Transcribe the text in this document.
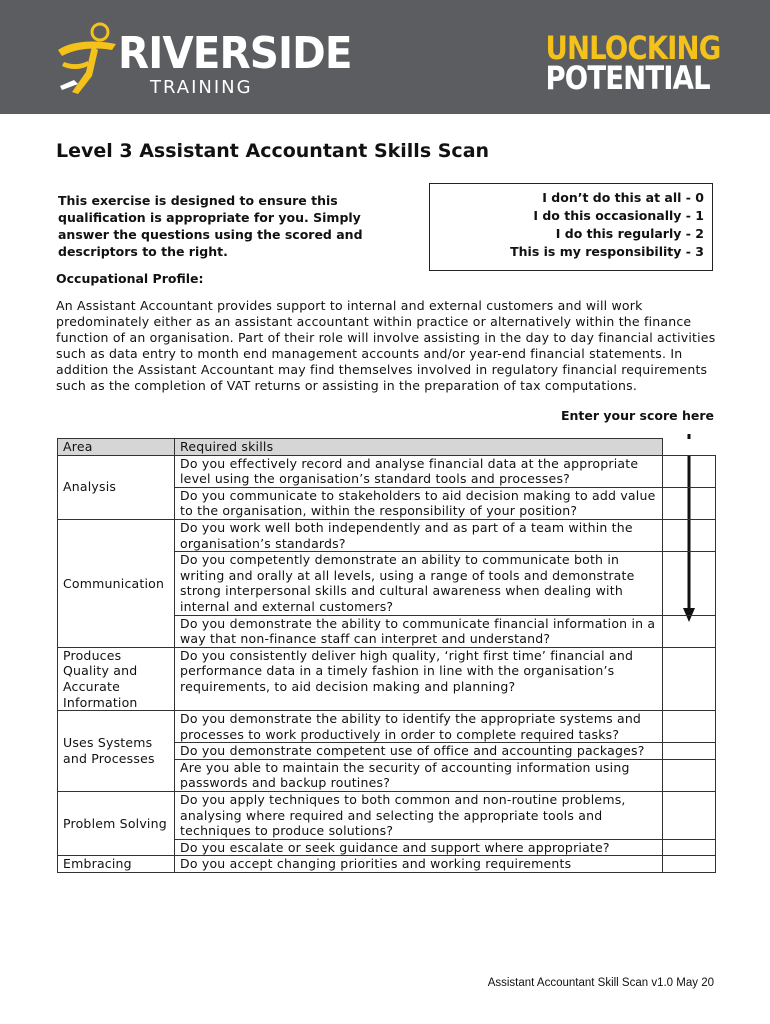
RIVERSIDE
TRAINING
UNLOCKING
POTENTIAL
Level 3 Assistant Accountant Skills Scan
This exercise is designed to ensure this qualification is appropriate for you. Simply answer the questions using the scored and descriptors to the right.
I don’t do this at all - 0
I do this occasionally - 1
I do this regularly - 2
This is my responsibility - 3
Occupational Profile:
An Assistant Accountant provides support to internal and external customers and will work predominately either as an assistant accountant within practice or alternatively within the finance function of an organisation. Part of their role will involve assisting in the day to day financial activities such as data entry to month end management accounts and/or year-end financial statements. In addition the Assistant Accountant may find themselves involved in regulatory financial requirements such as the completion of VAT returns or assisting in the preparation of tax computations.
Enter your score here
Area	Required skills	
Analysis	Do you effectively record and analyse financial data at the appropriate level using the organisation’s standard tools and processes?	
	Do you communicate to stakeholders to aid decision making to add value to the organisation, within the responsibility of your position?	
Communication	Do you work well both independently and as part of a team within the organisation’s standards?	
	Do you competently demonstrate an ability to communicate both in writing and orally at all levels, using a range of tools and demonstrate strong interpersonal skills and cultural awareness when dealing with internal and external customers?	
	Do you demonstrate the ability to communicate financial information in a way that non-finance staff can interpret and understand?	
Produces Quality and Accurate Information	Do you consistently deliver high quality, ‘right first time’ financial and performance data in a timely fashion in line with the organisation’s requirements, to aid decision making and planning?	
Uses Systems and Processes	Do you demonstrate the ability to identify the appropriate systems and processes to work productively in order to complete required tasks?	
	Do you demonstrate competent use of office and accounting packages?	
	Are you able to maintain the security of accounting information using passwords and backup routines?	
Problem Solving	Do you apply techniques to both common and non-routine problems, analysing where required and selecting the appropriate tools and techniques to produce solutions?	
	Do you escalate or seek guidance and support where appropriate?	
Embracing	Do you accept changing priorities and working requirements	
Assistant Accountant Skill Scan v1.0 May 20
